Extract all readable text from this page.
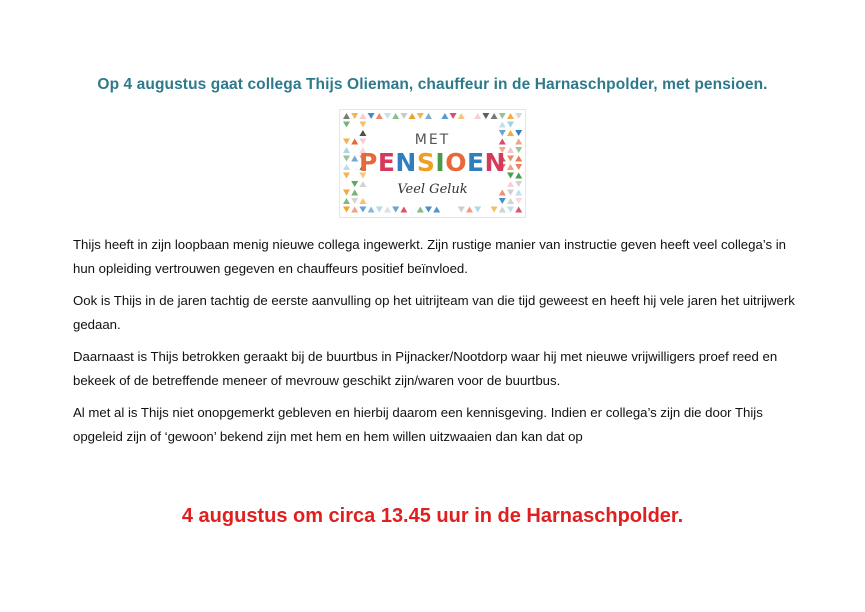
Op 4 augustus gaat collega Thijs Olieman, chauffeur in de Harnaschpolder, met pensioen.
MET
PENSIOEN
Veel Geluk

Thijs heeft in zijn loopbaan menig nieuwe collega ingewerkt. Zijn rustige manier van instructie geven heeft veel collega’s in hun opleiding vertrouwen gegeven en chauffeurs positief beïnvloed.

Ook is Thijs in de jaren tachtig de eerste aanvulling op het uitrijteam van die tijd geweest en heeft hij vele jaren het uitrijwerk gedaan.

Daarnaast is Thijs betrokken geraakt bij de buurtbus in Pijnacker/Nootdorp waar hij met nieuwe vrijwilligers proef reed en bekeek of de betreffende meneer of mevrouw geschikt zijn/waren voor de buurtbus.

Al met al is Thijs niet onopgemerkt gebleven en hierbij daarom een kennisgeving. Indien er collega’s zijn die door Thijs opgeleid zijn of ‘gewoon’ bekend zijn met hem en hem willen uitzwaaien dan kan dat op

4 augustus om circa 13.45 uur in de Harnaschpolder.
